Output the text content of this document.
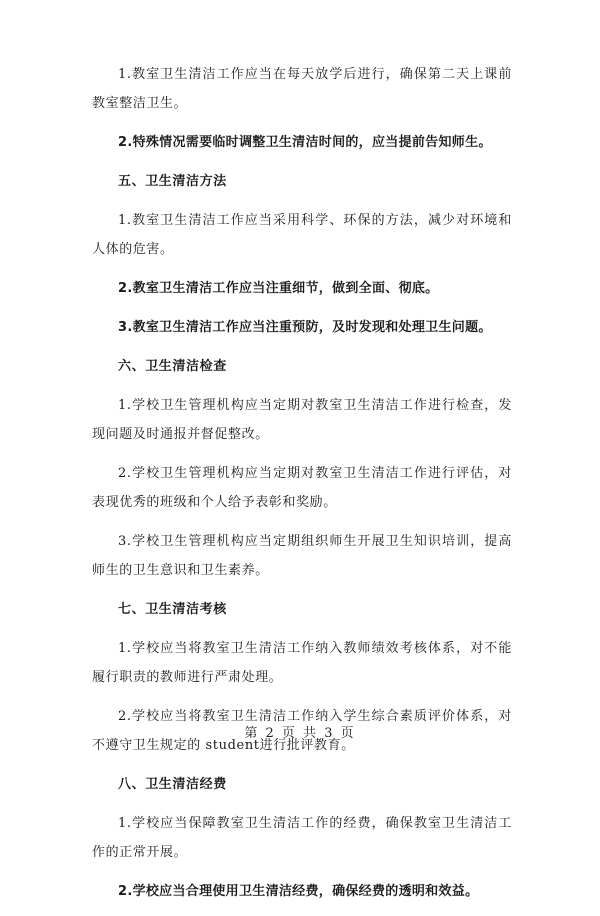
1.教室卫生清洁工作应当在每天放学后进行，确保第二天上课前教室整洁卫生。

2.特殊情况需要临时调整卫生清洁时间的，应当提前告知师生。

五、卫生清洁方法

1.教室卫生清洁工作应当采用科学、环保的方法，减少对环境和人体的危害。

2.教室卫生清洁工作应当注重细节，做到全面、彻底。

3.教室卫生清洁工作应当注重预防，及时发现和处理卫生问题。

六、卫生清洁检查

1.学校卫生管理机构应当定期对教室卫生清洁工作进行检查，发现问题及时通报并督促整改。

2.学校卫生管理机构应当定期对教室卫生清洁工作进行评估，对表现优秀的班级和个人给予表彰和奖励。

3.学校卫生管理机构应当定期组织师生开展卫生知识培训，提高师生的卫生意识和卫生素养。

七、卫生清洁考核

1.学校应当将教室卫生清洁工作纳入教师绩效考核体系，对不能履行职责的教师进行严肃处理。

2.学校应当将教室卫生清洁工作纳入学生综合素质评价体系，对不遵守卫生规定的 student进行批评教育。

八、卫生清洁经费

1.学校应当保障教室卫生清洁工作的经费，确保教室卫生清洁工作的正常开展。

2.学校应当合理使用卫生清洁经费，确保经费的透明和效益。

第 2 页 共 3 页
